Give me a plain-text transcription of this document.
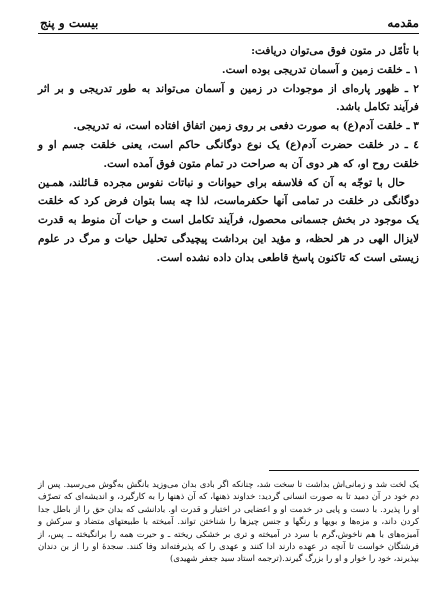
مقدمه
بيست و پنج

با تأمّل در متون فوق می‌توان دريافت:

۱ ـ خلقت زمين و آسمان تدريجی بوده است.

۲ ـ ظهور پاره‌ای از موجودات در زمين و آسمان می‌تواند به طور تدريجی و بر اثر فرآيند تکامل باشد.

۳ ـ خلقت آدم(ع) به صورت دفعی بر روی زمين اتفاق افتاده است، نه تدريجی.

٤ ـ در خلقت حضرت آدم(ع) يک نوع دوگانگی حاکم است، يعنی خلقت جسم او و خلقت روح او، که هر دوی آن به صراحت در تمام متون فوق آمده است.

حال با توجّه به آن که فلاسفه برای حيوانات و نباتات نفوس مجرده قـائلند، همـين دوگانگی در خلقت در تمامی آنها حکفرماست، لذا چه بسا بتوان فرض کرد که خلقت يک موجود در بخش جسمانی محصول، فرآيند تکامل است و حيات آن منوط به قدرت لايزال الهی در هر لحظه، و مؤيد اين برداشت پيچيدگی تحليل حيات و مرگ در علوم زيستی است که تاکنون پاسخ قاطعی بدان داده نشده است.

يک لخت شد و زمانی‌اش بداشت تا سخت شد، چنانکه اگر بادی بدان می‌وزيد بانگش به‌گوش می‌رسيد. پس از دم خود در آن دميد تا به صورت انسانی گرديد: خداوند ذهنها، که آن ذهنها را به کارگيرد، و انديشه‌ای که تصرّف او را پذيرد. با دست و پايی در خدمت او و اعضايی در اختيار و قدرت او. بادانشی که بدان حق را از باطل جدا کردن داند، و مزه‌ها و بويها و رنگها و جنس چيزها را شناختن تواند. آميخته با طبيعتهای متضاد و سرکش و آميزه‌های با هم ناخوش،گرم با سرد در آميخته و تری بر خشکی ريخته ـ و حيرت همه را برانگيخته ـ. پس، از فرشتگان خواست تا آنچه در عهده دارند ادا کنند و عهدی را که پذيرفته‌اند وفا کنند. سجدهٔ او را از بن دندان بپذيرند، خود را خوار و او را بزرگ گيرند.(ترجمه استاد سيد جعفر شهيدی)
